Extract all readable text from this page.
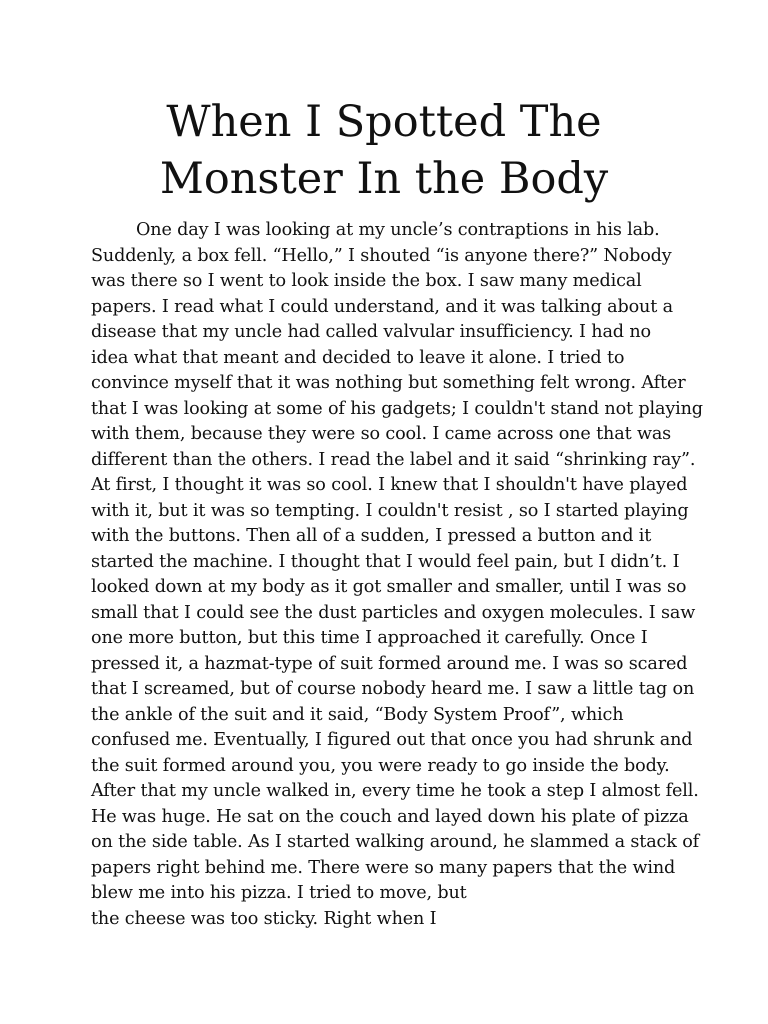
When I Spotted The
Monster In the Body
One day I was looking at my uncle’s contraptions in his lab.
Suddenly, a box fell. “Hello,” I shouted “is anyone there?” Nobody
was there so I went to look inside the box. I saw many medical
papers. I read what I could understand, and it was talking about a
disease that my uncle had called valvular insufficiency. I had no
idea what that meant and decided to leave it alone. I tried to
convince myself that it was nothing but something felt wrong. After
that I was looking at some of his gadgets; I couldn't stand not playing
with them, because they were so cool. I came across one that was
different than the others. I read the label and it said “shrinking ray”.
At first, I thought it was so cool. I knew that I shouldn't have played
with it, but it was so tempting. I couldn't resist , so I started playing
with the buttons. Then all of a sudden, I pressed a button and it
started the machine. I thought that I would feel pain, but I didn’t. I
looked down at my body as it got smaller and smaller, until I was so
small that I could see the dust particles and oxygen molecules. I saw
one more button, but this time I approached it carefully. Once I
pressed it, a hazmat-type of suit formed around me. I was so scared
that I screamed, but of course nobody heard me. I saw a little tag on
the ankle of the suit and it said, “Body System Proof”, which
confused me. Eventually, I figured out that once you had shrunk and
the suit formed around you, you were ready to go inside the body.
After that my uncle walked in, every time he took a step I almost fell.
He was huge. He sat on the couch and layed down his plate of pizza
on the side table. As I started walking around, he slammed a stack of
papers right behind me. There were so many papers that the wind
blew me into his pizza. I tried to move, but
the cheese was too sticky. Right when I
